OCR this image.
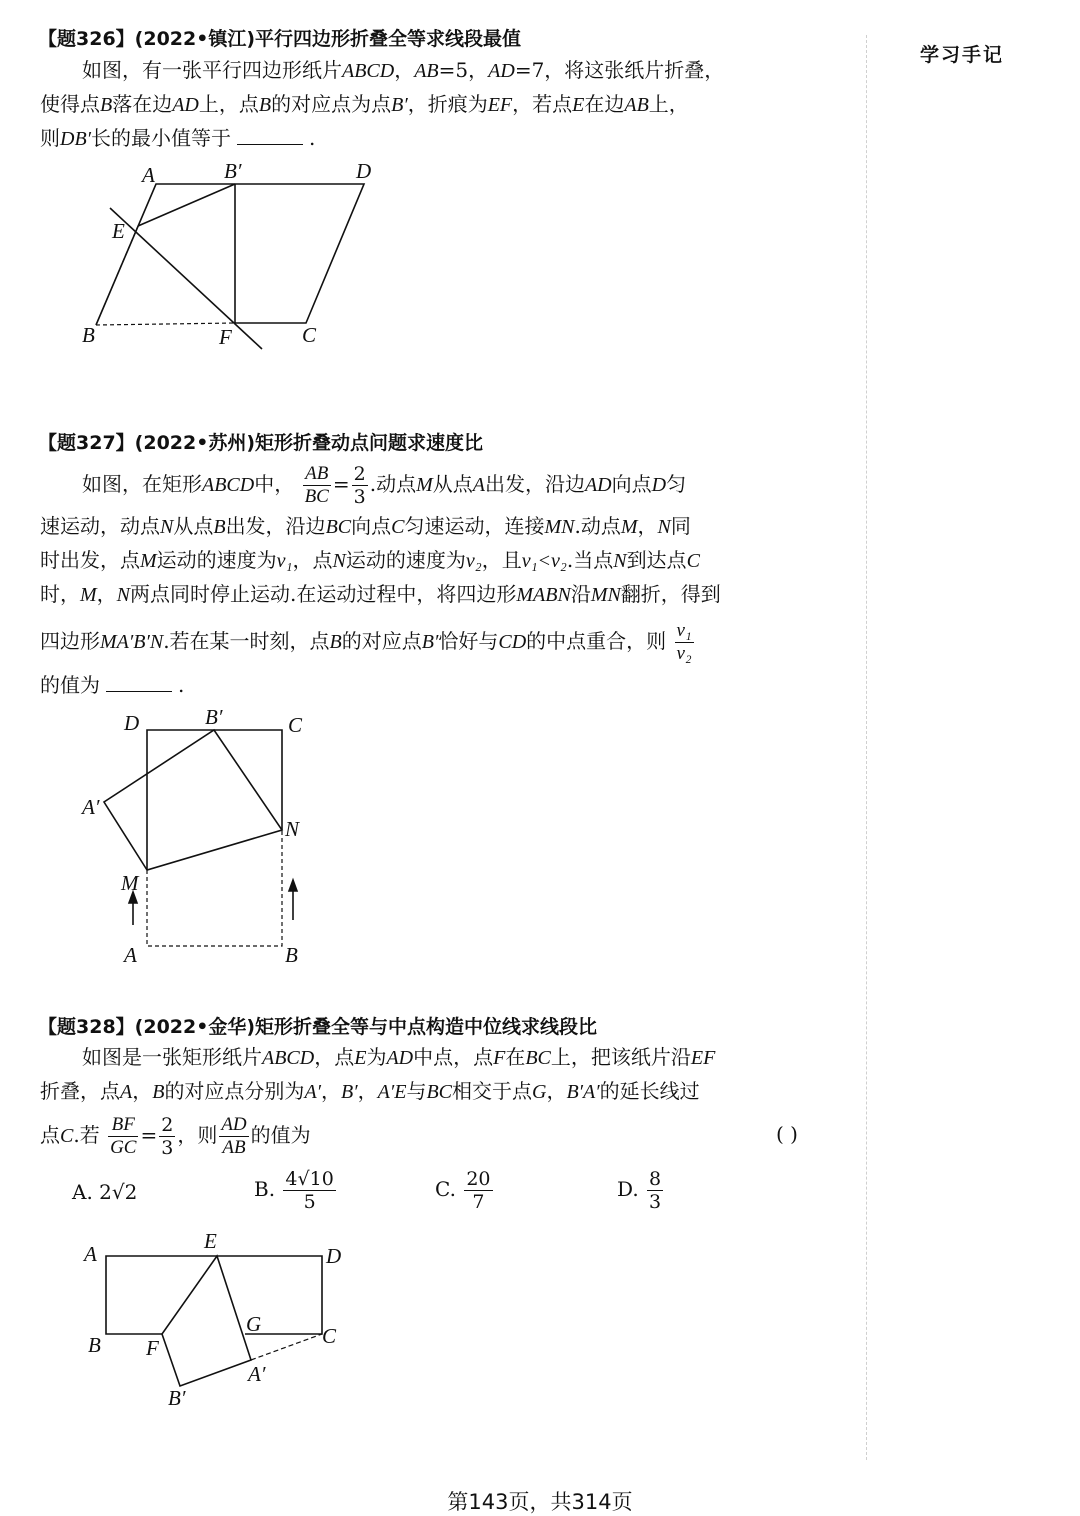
学习手记
【题326】(2022•镇江)平行四边形折叠全等求线段最值
如图，有一张平行四边形纸片ABCD，AB=5，AD=7，将这张纸片折叠，
使得点B落在边AD上，点B的对应点为点B′，折痕为EF，若点E在边AB上，
则DB′长的最小值等于	.
A	B′	D
E
B	F	C
【题327】(2022•苏州)矩形折叠动点问题求速度比
如图，在矩形ABCD中， $\frac{AB}{BC} = \frac{2}{3}$ .动点M从点A出发，沿边AD向点D匀
速运动，动点N从点B出发，沿边BC向点C匀速运动，连接MN.动点M，N同
时出发，点M运动的速度为v₁，点N运动的速度为v₂，且v₁<v₂.当点N到达点C
时，M，N两点同时停止运动.在运动过程中，将四边形MABN沿MN翻折，得到
四边形MA′B′N.若在某一时刻，点B的对应点B′恰好与CD的中点重合，则 $\frac{\text{v₁}}{\text{v₂}}$
的值为	.
D	B′	C
A′
N
M
A	B
【题328】(2022•金华)矩形折叠全等与中点构造中位线求线段比
如图是一张矩形纸片ABCD，点E为AD中点，点F在BC上，把该纸片沿EF
折叠，点A，B的对应点分别为A′，B′，A′E与BC相交于点G，B′A′的延长线过
点C.若 $\frac{BF}{GC} = \frac{2}{3}$ ，则 $\frac{AD}{AB}$ 的值为	( )
A. 2√2	B. $\frac{4√10}{5}$	C. $\frac{20}{7}$	D. $\frac{8}{3}$
A
E
D
G
B F	C
A′
B′
第143页，共314页
